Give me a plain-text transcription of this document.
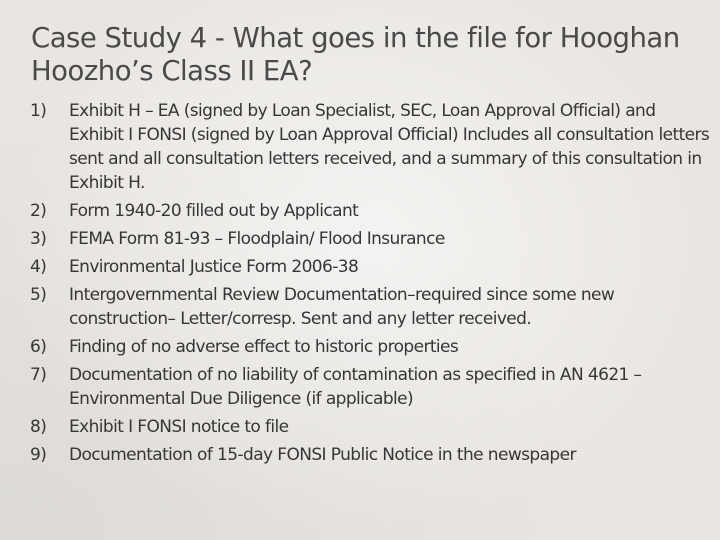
Case Study 4 - What goes in the file for Hooghan Hoozho’s Class II EA?
1)	Exhibit H – EA (signed by Loan Specialist, SEC, Loan Approval Official) and Exhibit I FONSI (signed by Loan Approval Official) Includes all consultation letters sent and all consultation letters received, and a summary of this consultation in Exhibit H.
2)	Form 1940-20 filled out by Applicant
3)	FEMA Form 81-93 – Floodplain/ Flood Insurance
4)	Environmental Justice Form 2006-38
5)	Intergovernmental Review Documentation–required since some new construction– Letter/corresp. Sent and any letter received.
6)	Finding of no adverse effect to historic properties
7)	Documentation of no liability of contamination as specified in AN 4621 – Environmental Due Diligence (if applicable)
8)	Exhibit I FONSI notice to file
9)	Documentation of 15-day FONSI Public Notice in the newspaper
